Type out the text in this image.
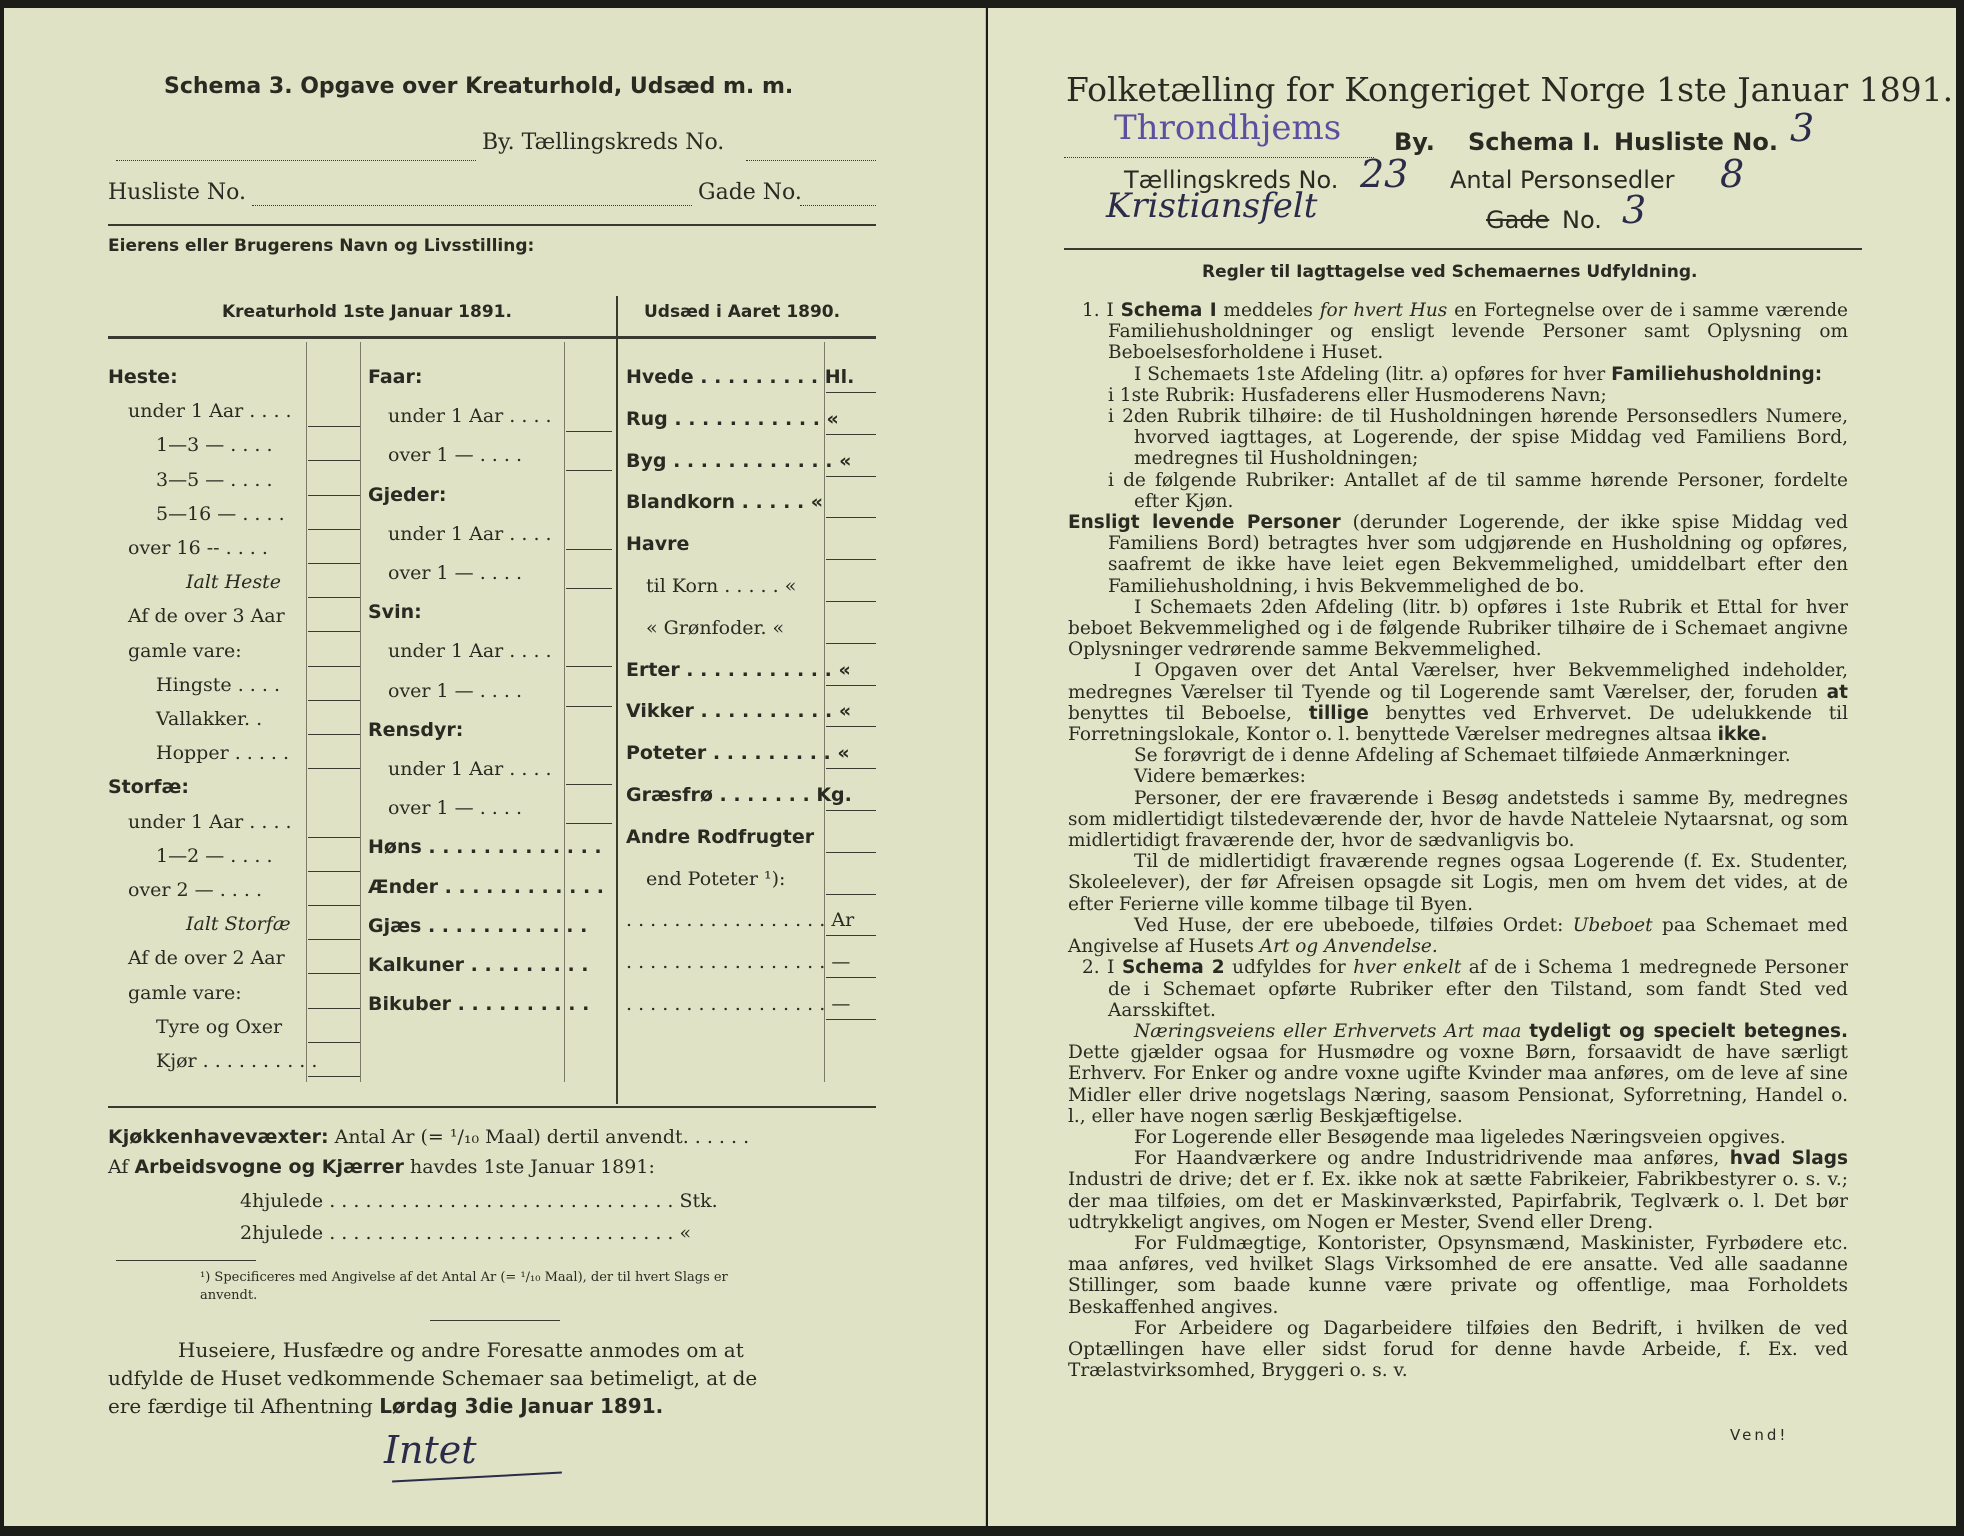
Schema 3. Opgave over Kreaturhold, Udsæd m. m.
By. Tællingskreds No.
Husliste No.	Gade No.
Eierens eller Brugerens Navn og Livsstilling:
Kreaturhold 1ste Januar 1891.	Udsæd i Aaret 1890.
Heste:
under 1 Aar . . . .
1—3 — . . . .
3—5 — . . . .
5—16 — . . . .
over 16 -- . . . .
Ialt Heste
Af de over 3 Aar
gamle vare:
Hingste . . . .
Vallakker. .
Hopper . . . . .
Storfæ:
under 1 Aar . . . .
1—2 — . . . .
over 2 — . . . .
Ialt Storfæ
Af de over 2 Aar
gamle vare:
Tyre og Oxer
Kjør . . . . . . . . . .
Faar:
under 1 Aar . . . .
over 1 — . . . .
Gjeder:
under 1 Aar . . . .
over 1 — . . . .
Svin:
under 1 Aar . . . .
over 1 — . . . .
Rensdyr:
under 1 Aar . . . .
over 1 — . . . .
Høns . . . . . . . . . . . . .
Ænder . . . . . . . . . . . .
Gjæs . . . . . . . . . . . .
Kalkuner . . . . . . . . .
Bikuber . . . . . . . . . .
Hvede . . . . . . . . . Hl.
Rug . . . . . . . . . . . «
Byg . . . . . . . . . . . . «
Blandkorn . . . . . «
Havre
til Korn . . . . . «
« Grønfoder. «
Erter . . . . . . . . . . . «
Vikker . . . . . . . . . . «
Poteter . . . . . . . . . «
Græsfrø . . . . . . . Kg.
Andre Rodfrugter
end Poteter ¹):
. . . . . . . . . . . . . . . . . Ar
. . . . . . . . . . . . . . . . . —
. . . . . . . . . . . . . . . . . —
Kjøkkenhavevæxter: Antal Ar (= ¹/₁₀ Maal) dertil anvendt. . . . . .
Af Arbeidsvogne og Kjærrer havdes 1ste Januar 1891:
4hjulede . . . . . . . . . . . . . . . . . . . . . . . . . . . . . Stk.
2hjulede . . . . . . . . . . . . . . . . . . . . . . . . . . . . . «
¹) Specificeres med Angivelse af det Antal Ar (= ¹/₁₀ Maal), der til hvert Slags er
anvendt.
Huseiere, Husfædre og andre Foresatte anmodes om at
udfylde de Huset vedkommende Schemaer saa betimeligt, at de
ere færdige til Afhentning Lørdag 3die Januar 1891.
Intet
Folketælling for Kongeriget Norge 1ste Januar 1891.
Throndhjems By. Schema I. Husliste No. 3
Tællingskreds No. 23 Antal Personsedler 8
Kristiansfelt	Gade No. 3
Regler til Iagttagelse ved Schemaernes Udfyldning.

1. I Schema I meddeles for hvert Hus en Fortegnelse over de i samme værende Familiehusholdninger og ensligt levende Personer samt Oplysning om Beboelsesforholdene i Huset.

I Schemaets 1ste Afdeling (litr. a) opføres for hver Familiehusholdning:

i 1ste Rubrik: Husfaderens eller Husmoderens Navn;

i 2den Rubrik tilhøire: de til Husholdningen hørende Personsedlers Numere, hvorved iagttages, at Logerende, der spise Middag ved Familiens Bord, medregnes til Husholdningen;

i de følgende Rubriker: Antallet af de til samme hørende Personer, fordelte efter Kjøn.

Ensligt levende Personer (derunder Logerende, der ikke spise Middag ved Familiens Bord) betragtes hver som udgjørende en Husholdning og opføres, saafremt de ikke have leiet egen Bekvemmelighed, umiddelbart efter den Familiehusholdning, i hvis Bekvemmelighed de bo.

I Schemaets 2den Afdeling (litr. b) opføres i 1ste Rubrik et Ettal for hver beboet Bekvemmelighed og i de følgende Rubriker tilhøire de i Schemaet angivne Oplysninger vedrørende samme Bekvemmelighed.

I Opgaven over det Antal Værelser, hver Bekvemmelighed indeholder, medregnes Værelser til Tyende og til Logerende samt Værelser, der, foruden at benyttes til Beboelse, tillige benyttes ved Erhvervet. De udelukkende til Forretningslokale, Kontor o. l. benyttede Værelser medregnes altsaa ikke.

Se forøvrigt de i denne Afdeling af Schemaet tilføiede Anmærkninger.

Videre bemærkes:

Personer, der ere fraværende i Besøg andetsteds i samme By, medregnes som midlertidigt tilstedeværende der, hvor de havde Natteleie Nytaarsnat, og som midlertidigt fraværende der, hvor de sædvanligvis bo.

Til de midlertidigt fraværende regnes ogsaa Logerende (f. Ex. Studenter, Skoleelever), der før Afreisen opsagde sit Logis, men om hvem det vides, at de efter Ferierne ville komme tilbage til Byen.

Ved Huse, der ere ubeboede, tilføies Ordet: Ubeboet paa Schemaet med Angivelse af Husets Art og Anvendelse.

2. I Schema 2 udfyldes for hver enkelt af de i Schema 1 medregnede Personer de i Schemaet opførte Rubriker efter den Tilstand, som fandt Sted ved Aarsskiftet.

Næringsveiens eller Erhvervets Art maa tydeligt og specielt betegnes. Dette gjælder ogsaa for Husmødre og voxne Børn, forsaavidt de have særligt Erhverv. For Enker og andre voxne ugifte Kvinder maa anføres, om de leve af sine Midler eller drive nogetslags Næring, saasom Pensionat, Syforretning, Handel o. l., eller have nogen særlig Beskjæftigelse.

For Logerende eller Besøgende maa ligeledes Næringsveien opgives.

For Haandværkere og andre Industridrivende maa anføres, hvad Slags Industri de drive; det er f. Ex. ikke nok at sætte Fabrikeier, Fabrikbestyrer o. s. v.; der maa tilføies, om det er Maskinværksted, Papirfabrik, Teglværk o. l. Det bør udtrykkeligt angives, om Nogen er Mester, Svend eller Dreng.

For Fuldmægtige, Kontorister, Opsynsmænd, Maskinister, Fyrbødere etc. maa anføres, ved hvilket Slags Virksomhed de ere ansatte. Ved alle saadanne Stillinger, som baade kunne være private og offentlige, maa Forholdets Beskaffenhed angives.

For Arbeidere og Dagarbeidere tilføies den Bedrift, i hvilken de ved Optællingen have eller sidst forud for denne havde Arbeide, f. Ex. ved Trælastvirksomhed, Bryggeri o. s. v.

Vend!
